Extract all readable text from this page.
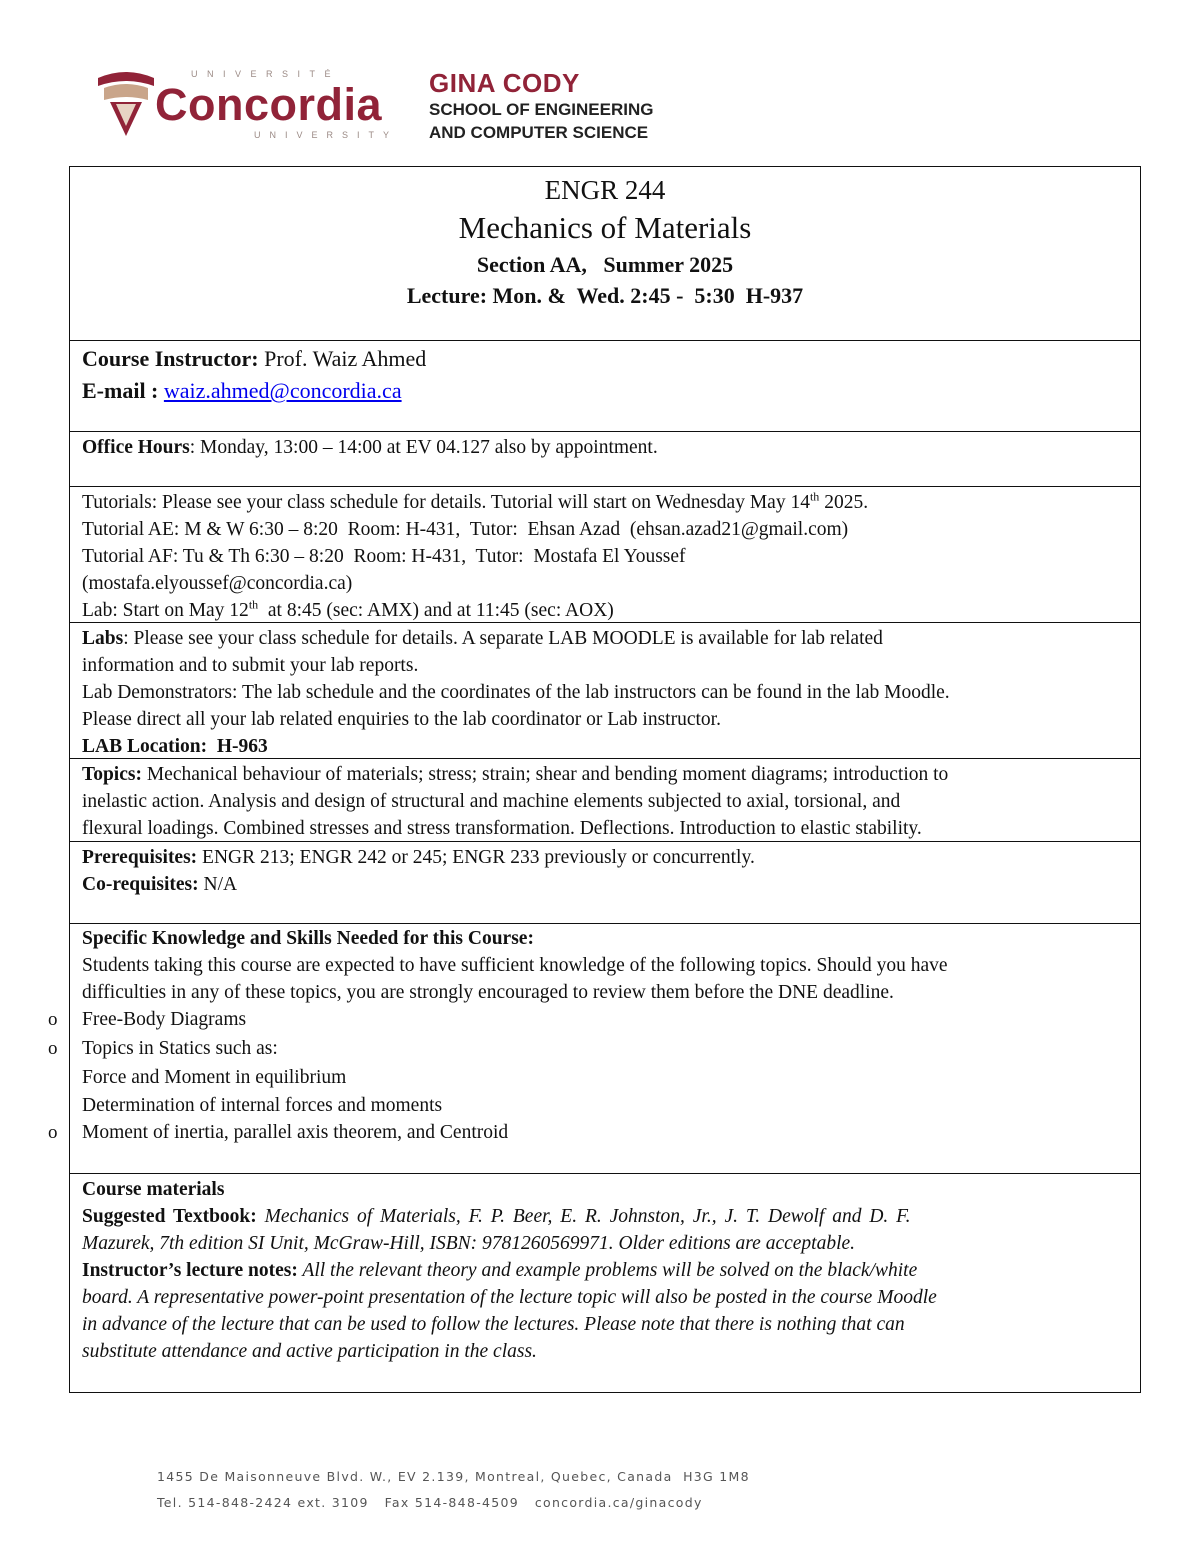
UNIVERSITÉ
Concordia
UNIVERSITY
GINA CODY
SCHOOL OF ENGINEERING
AND COMPUTER SCIENCE
ENGR 244
Mechanics of Materials
Section AA,   Summer 2025
Lecture: Mon. &  Wed. 2:45 -  5:30  H-937
Course Instructor: Prof. Waiz Ahmed
E-mail : waiz.ahmed@concordia.ca
Office Hours: Monday, 13:00 – 14:00 at EV 04.127 also by appointment.
Tutorials: Please see your class schedule for details. Tutorial will start on Wednesday May 14th 2025.
Tutorial AE: M & W 6:30 – 8:20  Room: H-431,  Tutor:  Ehsan Azad  (ehsan.azad21@gmail.com)
Tutorial AF: Tu & Th 6:30 – 8:20  Room: H-431,  Tutor:  Mostafa El Youssef
(mostafa.elyoussef@concordia.ca)
Lab: Start on May 12th  at 8:45 (sec: AMX) and at 11:45 (sec: AOX)
Labs: Please see your class schedule for details. A separate LAB MOODLE is available for lab related
information and to submit your lab reports.
Lab Demonstrators: The lab schedule and the coordinates of the lab instructors can be found in the lab Moodle.
Please direct all your lab related enquiries to the lab coordinator or Lab instructor.
LAB Location:  H-963
Topics: Mechanical behaviour of materials; stress; strain; shear and bending moment diagrams; introduction to
inelastic action. Analysis and design of structural and machine elements subjected to axial, torsional, and
flexural loadings. Combined stresses and stress transformation. Deflections. Introduction to elastic stability.
Prerequisites: ENGR 213; ENGR 242 or 245; ENGR 233 previously or concurrently.
Co-requisites: N/A
Specific Knowledge and Skills Needed for this Course:
Students taking this course are expected to have sufficient knowledge of the following topics. Should you have
difficulties in any of these topics, you are strongly encouraged to review them before the DNE deadline.
o Free-Body Diagrams
o Topics in Statics such as:
Force and Moment in equilibrium
Determination of internal forces and moments
o Moment of inertia, parallel axis theorem, and Centroid
Course materials
Suggested Textbook: Mechanics of Materials, F. P. Beer, E. R. Johnston, Jr., J. T. Dewolf and D. F.
Mazurek, 7th edition SI Unit, McGraw-Hill, ISBN: 9781260569971. Older editions are acceptable.
Instructor’s lecture notes: All the relevant theory and example problems will be solved on the black/white
board. A representative power-point presentation of the lecture topic will also be posted in the course Moodle
in advance of the lecture that can be used to follow the lectures. Please note that there is nothing that can
substitute attendance and active participation in the class.
1455 De Maisonneuve Blvd. W., EV 2.139, Montreal, Quebec, Canada  H3G 1M8
Tel. 514-848-2424 ext. 3109   Fax 514-848-4509   concordia.ca/ginacody
